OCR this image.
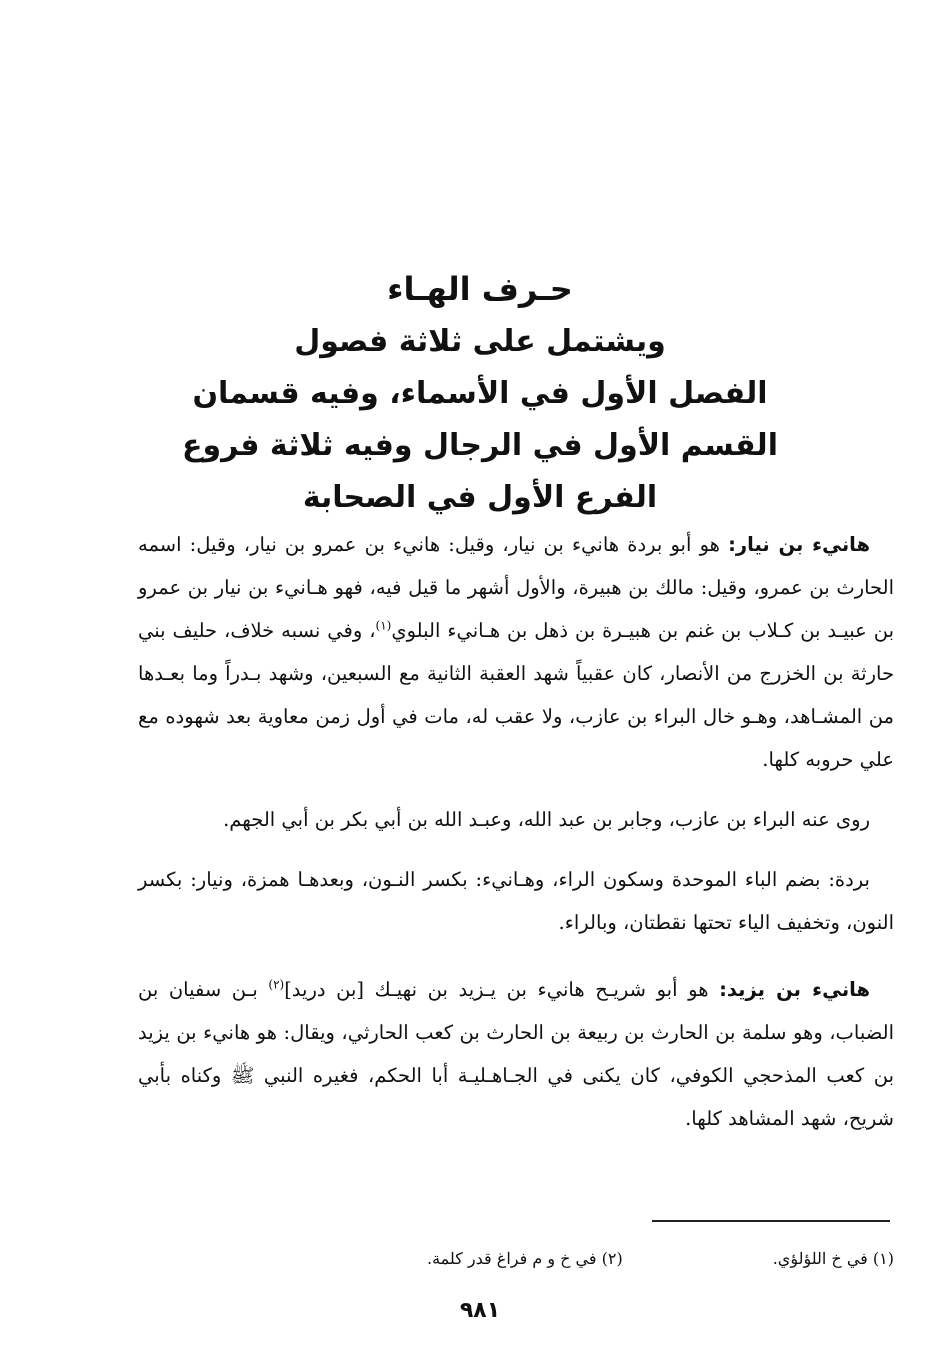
حـرف الهـاء
ويشتمل على ثلاثة فصول
الفصل الأول في الأسماء، وفيه قسمان
القسم الأول في الرجال وفيه ثلاثة فروع
الفرع الأول في الصحابة

هانيء بن نيار: هو أبو بردة هانيء بن نيار، وقيل: هانيء بن عمرو بن نيار، وقيل: اسمه الحارث بن عمرو، وقيل: مالك بن هبيرة، والأول أشهر ما قيل فيه، فهو هـانيء بن نيار بن عمرو بن عبيـد بن كـلاب بن غنم بن هبيـرة بن ذهل بن هـانيء البلوي$^{(١)}$، وفي نسبه خلاف، حليف بني حارثة بن الخزرج من الأنصار، كان عقبياً شهد العقبة الثانية مع السبعين، وشهد بـدراً وما بعـدها من المشـاهد، وهـو خال البراء بن عازب، ولا عقب له، مات في أول زمن معاوية بعد شهوده مع علي حروبه كلها.

روى عنه البراء بن عازب، وجابر بن عبد الله، وعبـد الله بن أبي بكر بن أبي الجهم.

بردة: بضم الباء الموحدة وسكون الراء، وهـانيء: بكسر النـون، وبعدهـا همزة، ونيار: بكسر النون، وتخفيف الياء تحتها نقطتان، وبالراء.

هانيء بن يزيد: هو أبو شريـح هانيء بن يـزيد بن نهيـك [بن دريد]$^{(٢)}$ بـن سفيان بن الضباب، وهو سلمة بن الحارث بن ربيعة بن الحارث بن كعب الحارثي، ويقال: هو هانيء بن يزيد بن كعب المذحجي الكوفي، كان يكنى في الجـاهـليـة أبا الحكم، فغيره النبي ﷺ وكناه بأبي شريح، شهد المشاهد كلها.

(١) في خ اللؤلؤي.
(٢) في خ و م فراغ قدر كلمة.
٩٨١
